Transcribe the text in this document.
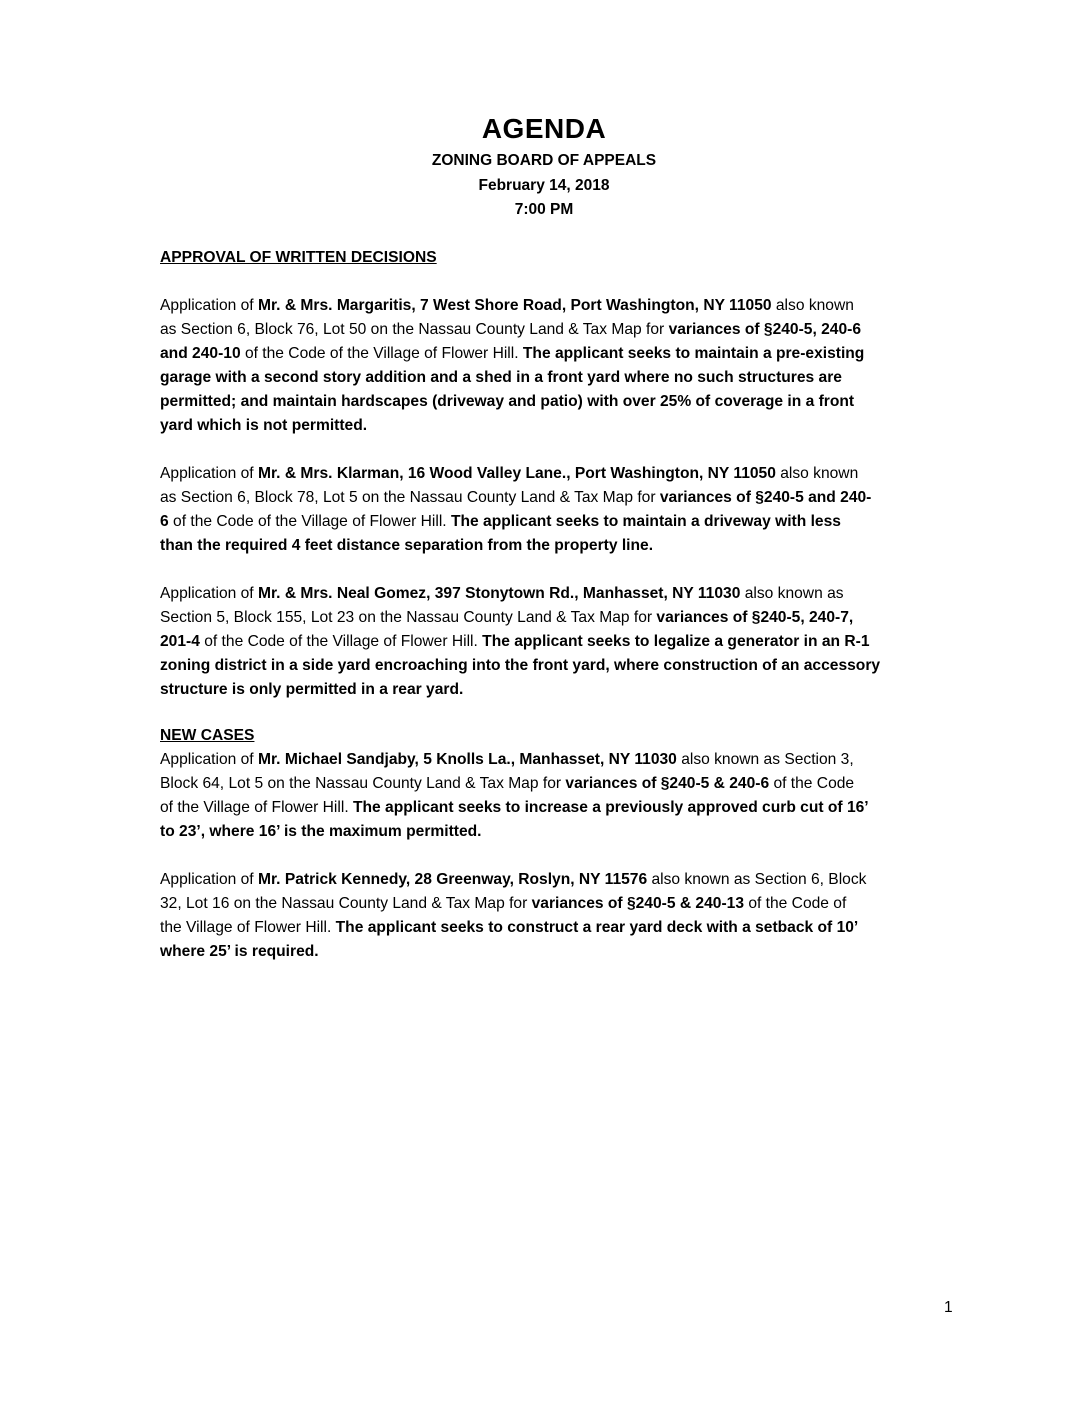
AGENDA
ZONING BOARD OF APPEALS
February 14, 2018
7:00 PM
APPROVAL OF WRITTEN DECISIONS
Application of Mr. & Mrs. Margaritis, 7 West Shore Road, Port Washington, NY 11050 also known
as Section 6, Block 76, Lot 50 on the Nassau County Land & Tax Map for variances of §240-5, 240-6
and 240-10 of the Code of the Village of Flower Hill. The applicant seeks to maintain a pre-existing
garage with a second story addition and a shed in a front yard where no such structures are
permitted; and maintain hardscapes (driveway and patio) with over 25% of coverage in a front
yard which is not permitted.
Application of Mr. & Mrs. Klarman, 16 Wood Valley Lane., Port Washington, NY 11050 also known
as Section 6, Block 78, Lot 5 on the Nassau County Land & Tax Map for variances of §240-5 and 240-
6 of the Code of the Village of Flower Hill. The applicant seeks to maintain a driveway with less
than the required 4 feet distance separation from the property line.
Application of Mr. & Mrs. Neal Gomez, 397 Stonytown Rd., Manhasset, NY 11030 also known as
Section 5, Block 155, Lot 23 on the Nassau County Land & Tax Map for variances of §240-5, 240-7,
201-4 of the Code of the Village of Flower Hill. The applicant seeks to legalize a generator in an R-1
zoning district in a side yard encroaching into the front yard, where construction of an accessory
structure is only permitted in a rear yard.
NEW CASES
Application of Mr. Michael Sandjaby, 5 Knolls La., Manhasset, NY 11030 also known as Section 3,
Block 64, Lot 5 on the Nassau County Land & Tax Map for variances of §240-5 & 240-6 of the Code
of the Village of Flower Hill. The applicant seeks to increase a previously approved curb cut of 16’
to 23’, where 16’ is the maximum permitted.
Application of Mr. Patrick Kennedy, 28 Greenway, Roslyn, NY 11576 also known as Section 6, Block
32, Lot 16 on the Nassau County Land & Tax Map for variances of §240-5 & 240-13 of the Code of
the Village of Flower Hill. The applicant seeks to construct a rear yard deck with a setback of 10’
where 25’ is required.
1
